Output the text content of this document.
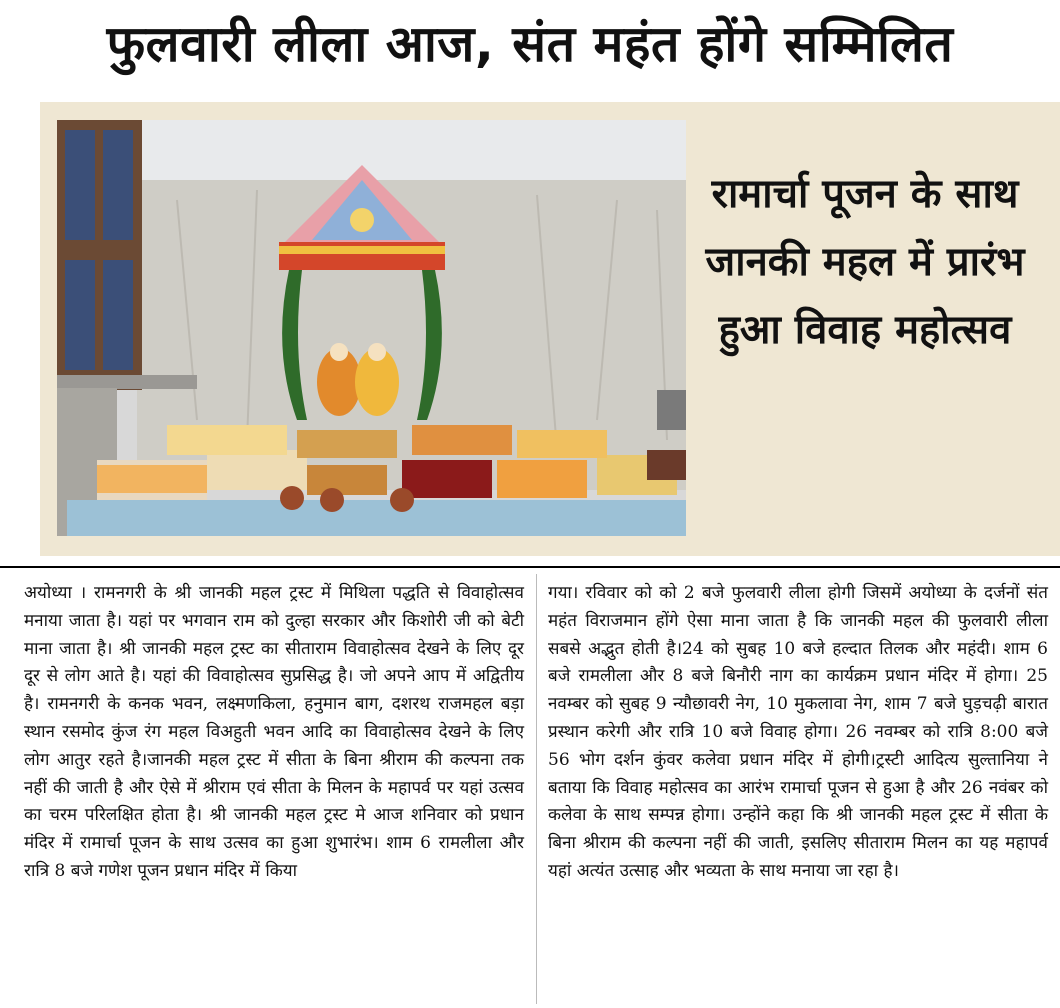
फुलवारी लीला आज, संत महंत होंगे सम्मिलित
रामार्चा पूजन के साथ जानकी महल में प्रारंभ हुआ विवाह महोत्सव
अयोध्या । रामनगरी के श्री जानकी महल ट्रस्ट में मिथिला पद्धति से विवाहोत्सव मनाया जाता है। यहां पर भगवान राम को दुल्हा सरकार और किशोरी जी को बेटी माना जाता है। श्री जानकी महल ट्रस्ट का सीताराम विवाहोत्सव देखने के लिए दूर दूर से लोग आते है। यहां की विवाहोत्सव सुप्रसिद्ध है। जो अपने आप में अद्वितीय है। रामनगरी के कनक भवन, लक्ष्मणकिला, हनुमान बाग, दशरथ राजमहल बड़ा स्थान रसमोद कुंज रंग महल विअहुती भवन आदि का विवाहोत्सव देखने के लिए लोग आतुर रहते है।जानकी महल ट्रस्ट में सीता के बिना श्रीराम की कल्पना तक नहीं की जाती है और ऐसे में श्रीराम एवं सीता के मिलन के महापर्व पर यहां उत्सव का चरम परिलक्षित होता है। श्री जानकी महल ट्रस्ट मे आज शनिवार को प्रधान मंदिर में रामार्चा पूजन के साथ उत्सव का हुआ शुभारंभ। शाम 6 रामलीला और रात्रि 8 बजे गणेश पूजन प्रधान मंदिर में किया
गया। रविवार को को 2 बजे फुलवारी लीला होगी जिसमें अयोध्या के दर्जनों संत महंत विराजमान होंगे ऐसा माना जाता है कि जानकी महल की फुलवारी लीला सबसे अद्भुत होती है।24 को सुबह 10 बजे हल्दात तिलक और महंदी। शाम 6 बजे रामलीला और 8 बजे बिनौरी नाग का कार्यक्रम प्रधान मंदिर में होगा। 25 नवम्बर को सुबह 9 न्यौछावरी नेग, 10 मुकलावा नेग, शाम 7 बजे घुड़चढ़ी बारात प्रस्थान करेगी और रात्रि 10 बजे विवाह होगा। 26 नवम्बर को रात्रि 8:00 बजे 56 भोग दर्शन कुंवर कलेवा प्रधान मंदिर में होगी।ट्रस्टी आदित्य सुल्तानिया ने बताया कि विवाह महोत्सव का आरंभ रामार्चा पूजन से हुआ है और 26 नवंबर को कलेवा के साथ सम्पन्न होगा। उन्होंने कहा कि श्री जानकी महल ट्रस्ट में सीता के बिना श्रीराम की कल्पना नहीं की जाती, इसलिए सीताराम मिलन का यह महापर्व यहां अत्यंत उत्साह और भव्यता के साथ मनाया जा रहा है।
